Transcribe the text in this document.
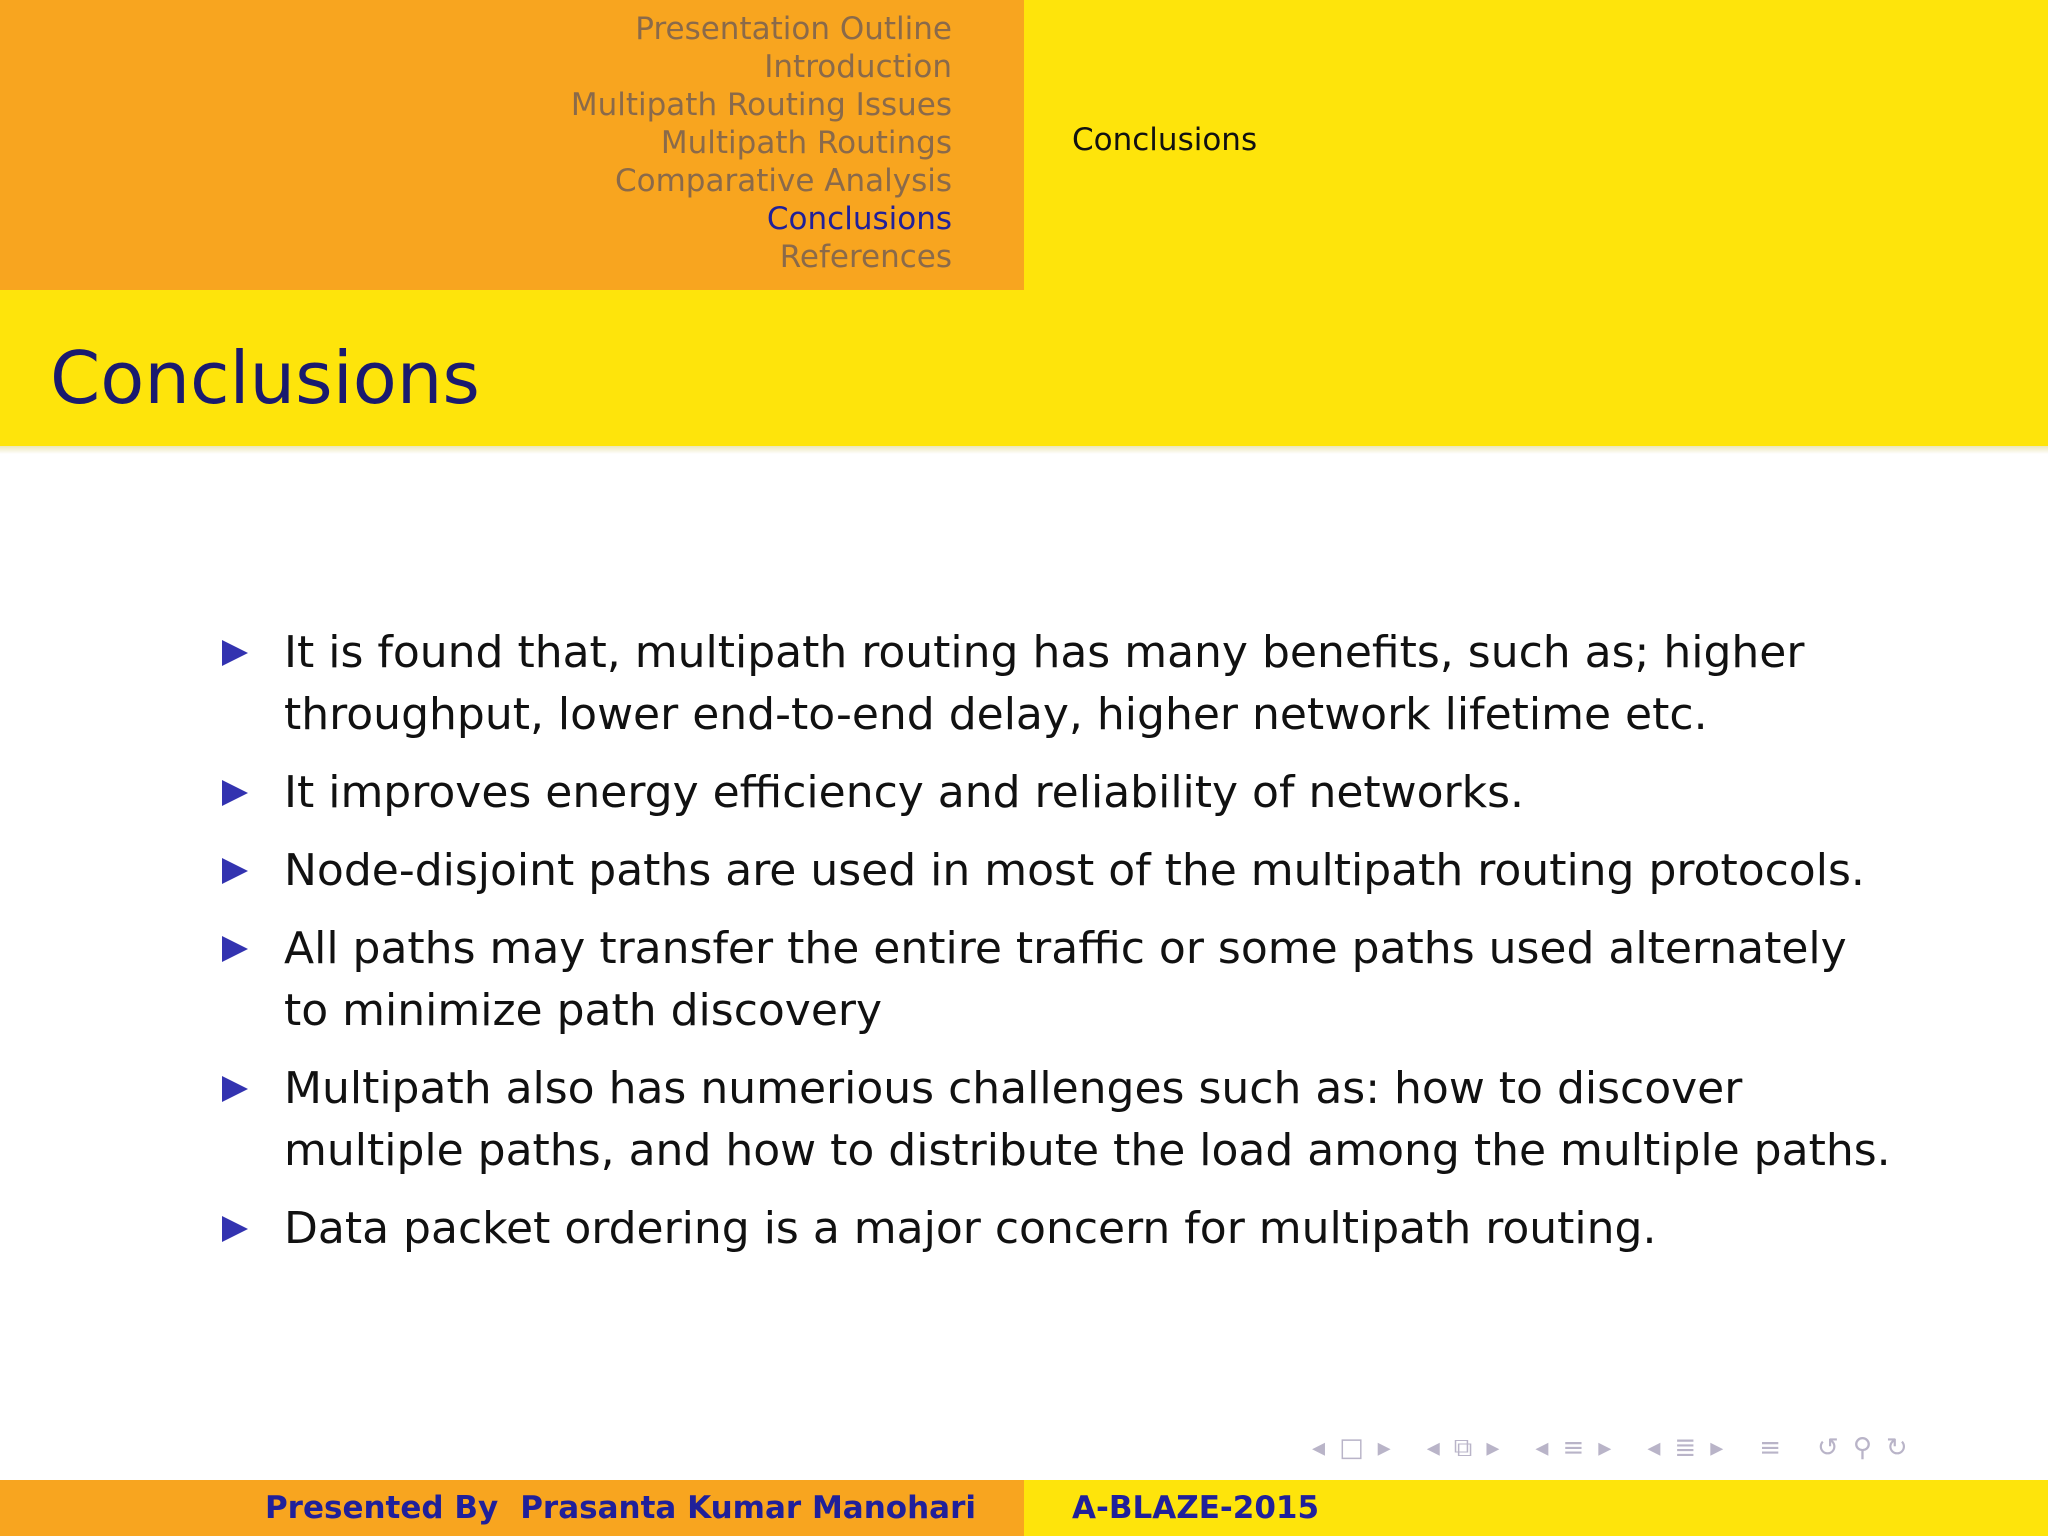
Presentation Outline
Introduction
Multipath Routing Issues
Multipath Routings
Comparative Analysis
Conclusions
References
Conclusions
Conclusions
It is found that, multipath routing has many benefits, such as; higher throughput, lower end-to-end delay, higher network lifetime etc.
It improves energy efficiency and reliability of networks.
Node-disjoint paths are used in most of the multipath routing protocols.
All paths may transfer the entire traffic or some paths used alternately to minimize path discovery
Multipath also has numerious challenges such as: how to discover multiple paths, and how to distribute the load among the multiple paths.
Data packet ordering is a major concern for multipath routing.
◂ □ ▸ ◂ ⧉ ▸ ◂ ≡ ▸ ◂ ≣ ▸ ≡ ↺ ⚲ ↻
Presented By Prasanta Kumar Manohari	A-BLAZE-2015
